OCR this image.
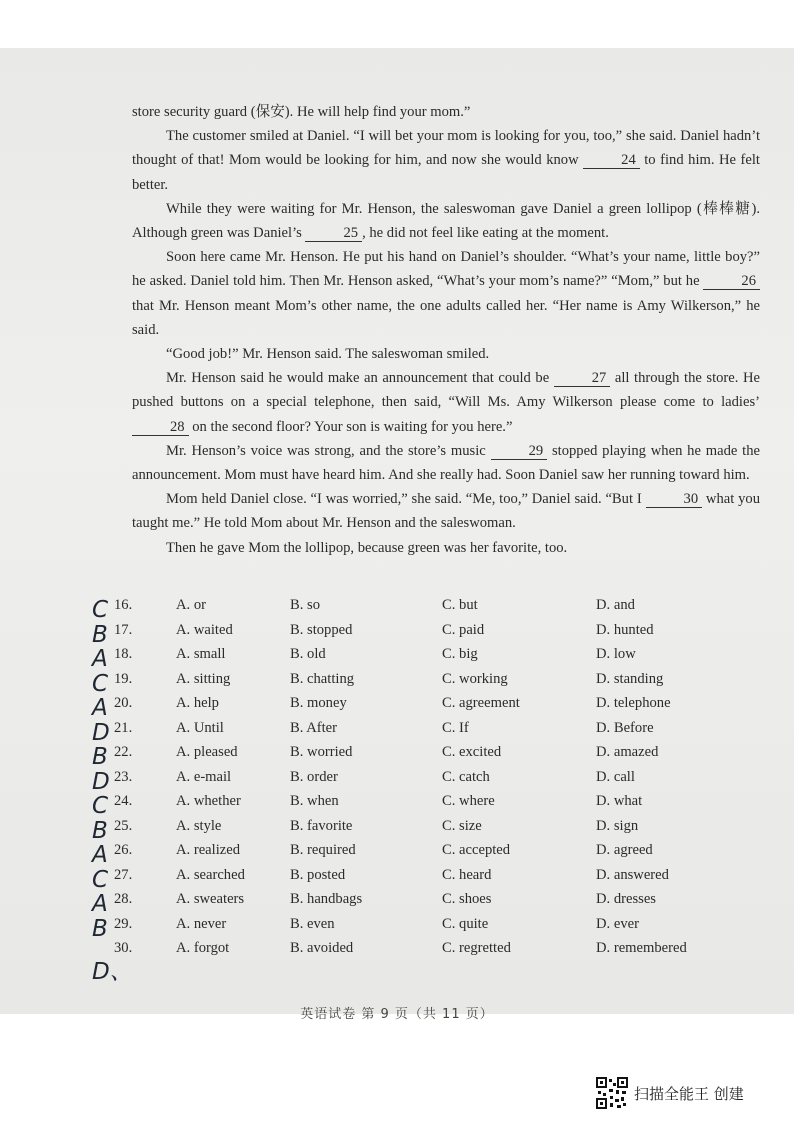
store security guard (保安). He will help find your mom.”

The customer smiled at Daniel. “I will bet your mom is looking for you, too,” she said. Daniel hadn’t thought of that! Mom would be looking for him, and now she would know	24 to find him. He felt better.

While they were waiting for Mr. Henson, the saleswoman gave Daniel a green lollipop (棒棒糖). Although green was Daniel’s	25 , he did not feel like eating at the moment.

Soon here came Mr. Henson. He put his hand on Daniel’s shoulder. “What’s your name, little boy?” he asked. Daniel told him. Then Mr. Henson asked, “What’s your mom’s name?” “Mom,” but he	26 that Mr. Henson meant Mom’s other name, the one adults called her. “Her name is Amy Wilkerson,” he said.

“Good job!” Mr. Henson said. The saleswoman smiled.

Mr. Henson said he would make an announcement that could be	27 all through the store. He pushed buttons on a special telephone, then said, “Will Ms. Amy Wilkerson please come to ladies’ 28 on the second floor? Your son is waiting for you here.”

Mr. Henson’s voice was strong, and the store’s music	29 stopped playing when he made the announcement. Mom must have heard him. And she really had. Soon Daniel saw her running toward him.

Mom held Daniel close. “I was worried,” she said. “Me, too,” Daniel said. “But I	30 what you taught me.” He told Mom about Mr. Henson and the saleswoman.

Then he gave Mom the lollipop, because green was her favorite, too.

C 16.	A. or	B. so	C. but	D. and
B 17.	A. waited	B. stopped	C. paid	D. hunted
A 18.	A. small	B. old	C. big	D. low
C 19.	A. sitting	B. chatting	C. working	D. standing
A 20.	A. help	B. money	C. agreement	D. telephone
D 21.	A. Until	B. After	C. If	D. Before
B 22.	A. pleased	B. worried	C. excited	D. amazed
D 23.	A. e-mail	B. order	C. catch	D. call
C 24.	A. whether	B. when	C. where	D. what
B 25.	A. style	B. favorite	C. size	D. sign
A 26.	A. realized	B. required	C. accepted	D. agreed
C 27.	A. searched	B. posted	C. heard	D. answered
A 28.	A. sweaters	B. handbags	C. shoes	D. dresses
B 29.	A. never	B. even	C. quite	D. ever
30.	A. forgot	B. avoided	C. regretted	D. remembered
D、
英语试卷 第 9 页（共 11 页）
扫描全能王 创建
